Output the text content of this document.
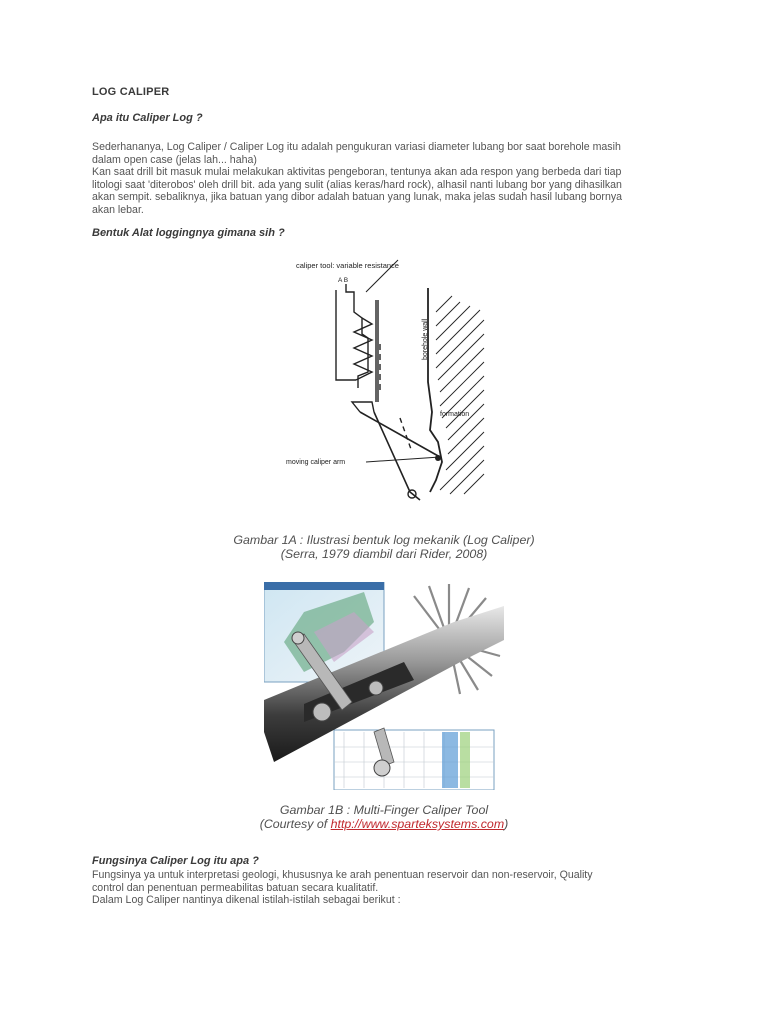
LOG CALIPER
Apa itu Caliper Log ?
Sederhananya, Log Caliper / Caliper Log itu adalah pengukuran variasi diameter lubang bor saat borehole masih
dalam open case (jelas lah... haha)
Kan saat drill bit masuk mulai melakukan aktivitas pengeboran, tentunya akan ada respon yang berbeda dari tiap
litologi saat 'diterobos' oleh drill bit. ada yang sulit (alias keras/hard rock), alhasil nanti lubang bor yang dihasilkan
akan sempit. sebaliknya, jika batuan yang dibor adalah batuan yang lunak, maka jelas sudah hasil lubang bornya
akan lebar.
Bentuk Alat loggingnya gimana sih ?
caliper tool: variable resistance
A B
borehole wall
formation
moving caliper arm
Gambar 1A : Ilustrasi bentuk log mekanik (Log Caliper)
(Serra, 1979 diambil dari Rider, 2008)
Gambar 1B : Multi-Finger Caliper Tool
(Courtesy of http://www.sparteksystems.com)
Fungsinya Caliper Log itu apa ?
Fungsinya ya untuk interpretasi geologi, khususnya ke arah penentuan reservoir dan non-reservoir, Quality
control dan penentuan permeabilitas batuan secara kualitatif.
Dalam Log Caliper nantinya dikenal istilah-istilah sebagai berikut :
